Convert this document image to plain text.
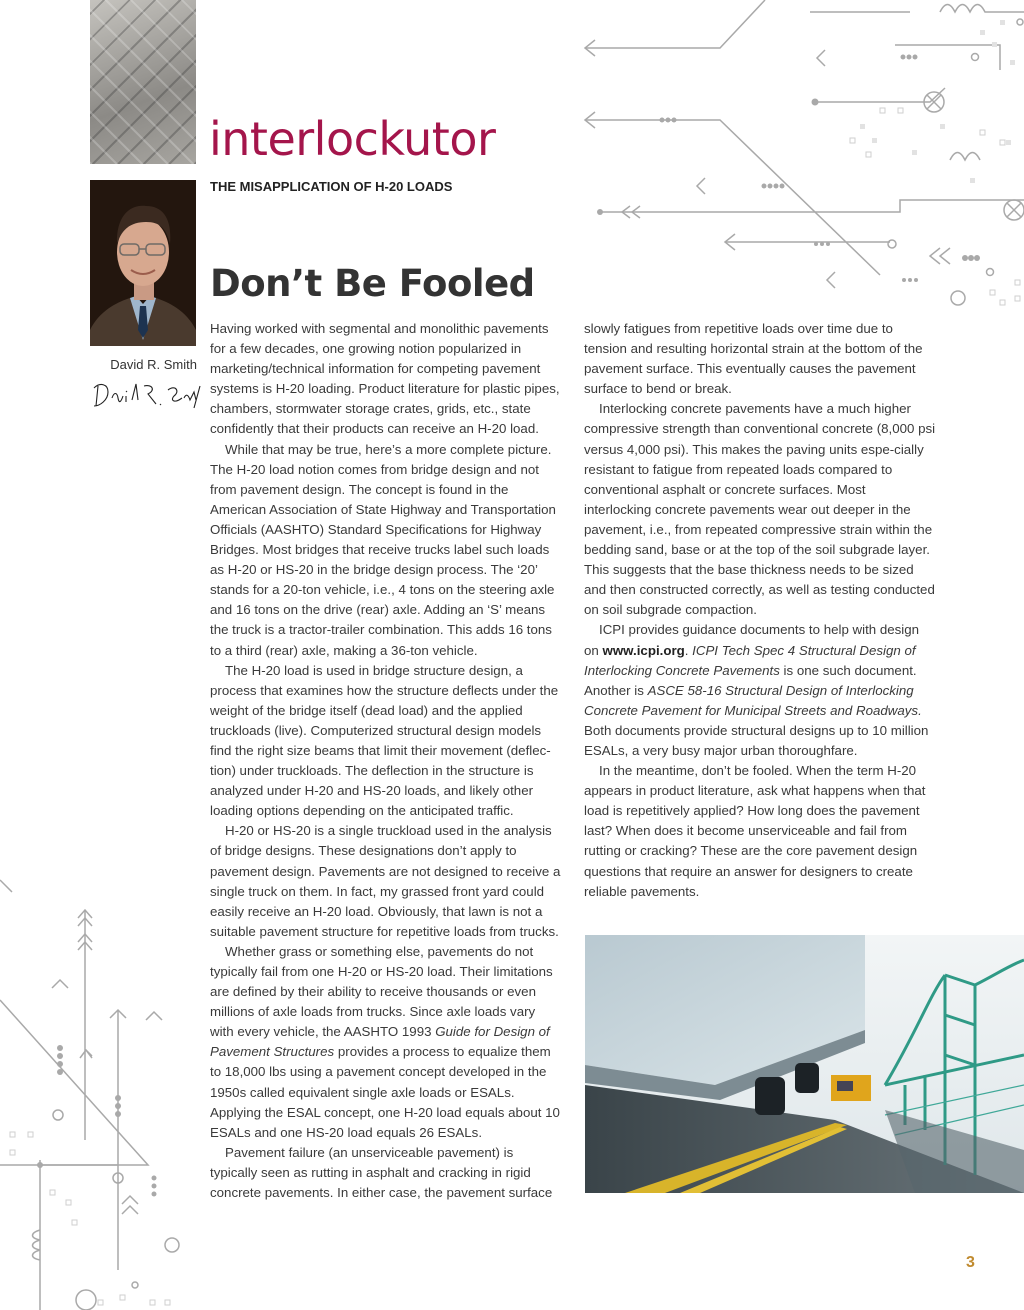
interlockutor
THE MISAPPLICATION OF H-20 LOADS
David R. Smith
Don’t Be Fooled

Having worked with segmental and monolithic pavements for a few decades, one growing notion popularized in marketing/technical information for competing pavement systems is H-20 loading. Product literature for plastic pipes, chambers, stormwater storage crates, grids, etc., state confidently that their products can receive an H-20 load.

While that may be true, here’s a more complete picture. The H-20 load notion comes from bridge design and not from pavement design. The concept is found in the American Association of State Highway and Transportation Officials (AASHTO) Standard Specifications for Highway Bridges. Most bridges that receive trucks label such loads as H-20 or HS-20 in the bridge design process. The ‘20’ stands for a 20-ton vehicle, i.e., 4 tons on the steering axle and 16 tons on the drive (rear) axle. Adding an ‘S’ means the truck is a tractor-trailer combination. This adds 16 tons to a third (rear) axle, making a 36-ton vehicle.

The H-20 load is used in bridge structure design, a process that examines how the structure deflects under the weight of the bridge itself (dead load) and the applied truckloads (live). Computerized structural design models find the right size beams that limit their movement (deflec-tion) under truckloads. The deflection in the structure is analyzed under H-20 and HS-20 loads, and likely other loading options depending on the anticipated traffic.

H-20 or HS-20 is a single truckload used in the analysis of bridge designs. These designations don’t apply to pavement design. Pavements are not designed to receive a single truck on them. In fact, my grassed front yard could easily receive an H-20 load. Obviously, that lawn is not a suitable pavement structure for repetitive loads from trucks.

Whether grass or something else, pavements do not typically fail from one H-20 or HS-20 load. Their limitations are defined by their ability to receive thousands or even millions of axle loads from trucks. Since axle loads vary with every vehicle, the AASHTO 1993 Guide for Design of Pavement Structures provides a process to equalize them to 18,000 lbs using a pavement concept developed in the 1950s called equivalent single axle loads or ESALs. Applying the ESAL concept, one H-20 load equals about 10 ESALs and one HS-20 load equals 26 ESALs.

Pavement failure (an unserviceable pavement) is typically seen as rutting in asphalt and cracking in rigid concrete pavements. In either case, the pavement surface

slowly fatigues from repetitive loads over time due to tension and resulting horizontal strain at the bottom of the pavement surface. This eventually causes the pavement surface to bend or break.

Interlocking concrete pavements have a much higher compressive strength than conventional concrete (8,000 psi versus 4,000 psi). This makes the paving units espe-cially resistant to fatigue from repeated loads compared to conventional asphalt or concrete surfaces. Most interlocking concrete pavements wear out deeper in the pavement, i.e., from repeated compressive strain within the bedding sand, base or at the top of the soil subgrade layer. This suggests that the base thickness needs to be sized and then constructed correctly, as well as testing conducted on soil subgrade compaction.

ICPI provides guidance documents to help with design on www.icpi.org. ICPI Tech Spec 4 Structural Design of Interlocking Concrete Pavements is one such document. Another is ASCE 58-16 Structural Design of Interlocking Concrete Pavement for Municipal Streets and Roadways. Both documents provide structural designs up to 10 million ESALs, a very busy major urban thoroughfare.

In the meantime, don’t be fooled. When the term H-20 appears in product literature, ask what happens when that load is repetitively applied? How long does the pavement last? When does it become unserviceable and fail from rutting or cracking? These are the core pavement design questions that require an answer for designers to create reliable pavements.

3
